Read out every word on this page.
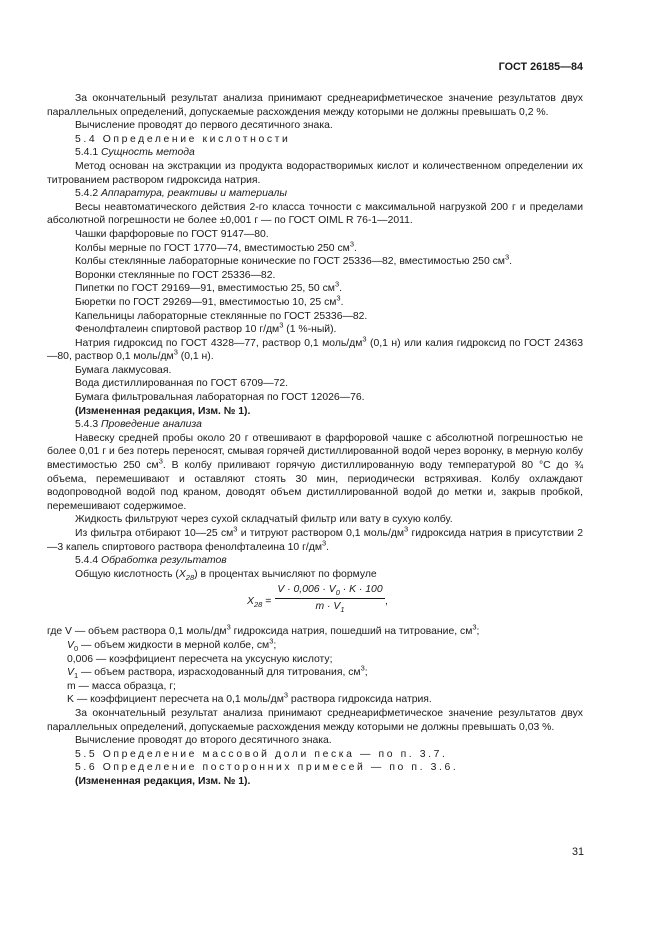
ГОСТ 26185—84

За окончательный результат анализа принимают среднеарифметическое значение результатов двух параллельных определений, допускаемые расхождения между которыми не должны превышать 0,2 %.

Вычисление проводят до первого десятичного знака.

5.4 Определение кислотности

5.4.1 Сущность метода

Метод основан на экстракции из продукта водорастворимых кислот и количественном определении их титрованием раствором гидроксида натрия.

5.4.2 Аппаратура, реактивы и материалы

Весы неавтоматического действия 2-го класса точности с максимальной нагрузкой 200 г и пределами абсолютной погрешности не более ±0,001 г — по ГОСТ OIML R 76-1—2011.

Чашки фарфоровые по ГОСТ 9147—80.

Колбы мерные по ГОСТ 1770—74, вместимостью 250 $см^3$.

Колбы стеклянные лабораторные конические по ГОСТ 25336—82, вместимостью 250 $см^3$.

Воронки стеклянные по ГОСТ 25336—82.

Пипетки по ГОСТ 29169—91, вместимостью 25, 50 $см^3$.

Бюретки по ГОСТ 29269—91, вместимостью 10, 25 $см^3$.

Капельницы лабораторные стеклянные по ГОСТ 25336—82.

Фенолфталеин спиртовой раствор 10 $г/дм^3$ (1 %-ный).

Натрия гидроксид по ГОСТ 4328—77, раствор 0,1 моль/$дм^3$ (0,1 н) или калия гидроксид по ГОСТ 24363—80, раствор 0,1 моль/$дм^3$ (0,1 н).

Бумага лакмусовая.

Вода дистиллированная по ГОСТ 6709—72.

Бумага фильтровальная лабораторная по ГОСТ 12026—76.

(Измененная редакция, Изм. № 1).

5.4.3 Проведение анализа

Навеску средней пробы около 20 г отвешивают в фарфоровой чашке с абсолютной погрешностью не более 0,01 г и без потерь переносят, смывая горячей дистиллированной водой через воронку, в мерную колбу вместимостью 250 $см^3$. В колбу приливают горячую дистиллированную воду температурой 80 °С до ¾ объема, перемешивают и оставляют стоять 30 мин, периодически встряхивая. Колбу охлаждают водопроводной водой под краном, доводят объем дистиллированной водой до метки и, закрыв пробкой, перемешивают содержимое.

Жидкость фильтруют через сухой складчатый фильтр или вату в сухую колбу.

Из фильтра отбирают 10—25 $см^3$ и титруют раствором 0,1 моль/$дм^3$ гидроксида натрия в присутствии 2—3 капель спиртового раствора фенолфталеина 10 $г/дм^3$.

5.4.4 Обработка результатов

Общую кислотность $(X_{28})$ в процентах вычисляют по формуле

$X_{28} = \frac{V \cdot 0,006 \cdot V_0 \cdot K \cdot 100}{m \cdot V_1}$ ,

где V — объем раствора 0,1 моль/$дм^3$ гидроксида натрия, пошедший на титрование, $см^3$;

$V_0$ — объем жидкости в мерной колбе, $см^3$;

0,006 — коэффициент пересчета на уксусную кислоту;

$V_1$ — объем раствора, израсходованный для титрования, $см^3$;

m — масса образца, г;

K — коэффициент пересчета на 0,1 моль/$дм^3$ раствора гидроксида натрия.

За окончательный результат анализа принимают среднеарифметическое значение результатов двух параллельных определений, допускаемые расхождения между которыми не должны превышать 0,03 %.

Вычисление проводят до второго десятичного знака.

5.5 Определение массовой доли песка — по п. 3.7.

5.6 Определение посторонних примесей — по п. 3.6.

(Измененная редакция, Изм. № 1).

31
